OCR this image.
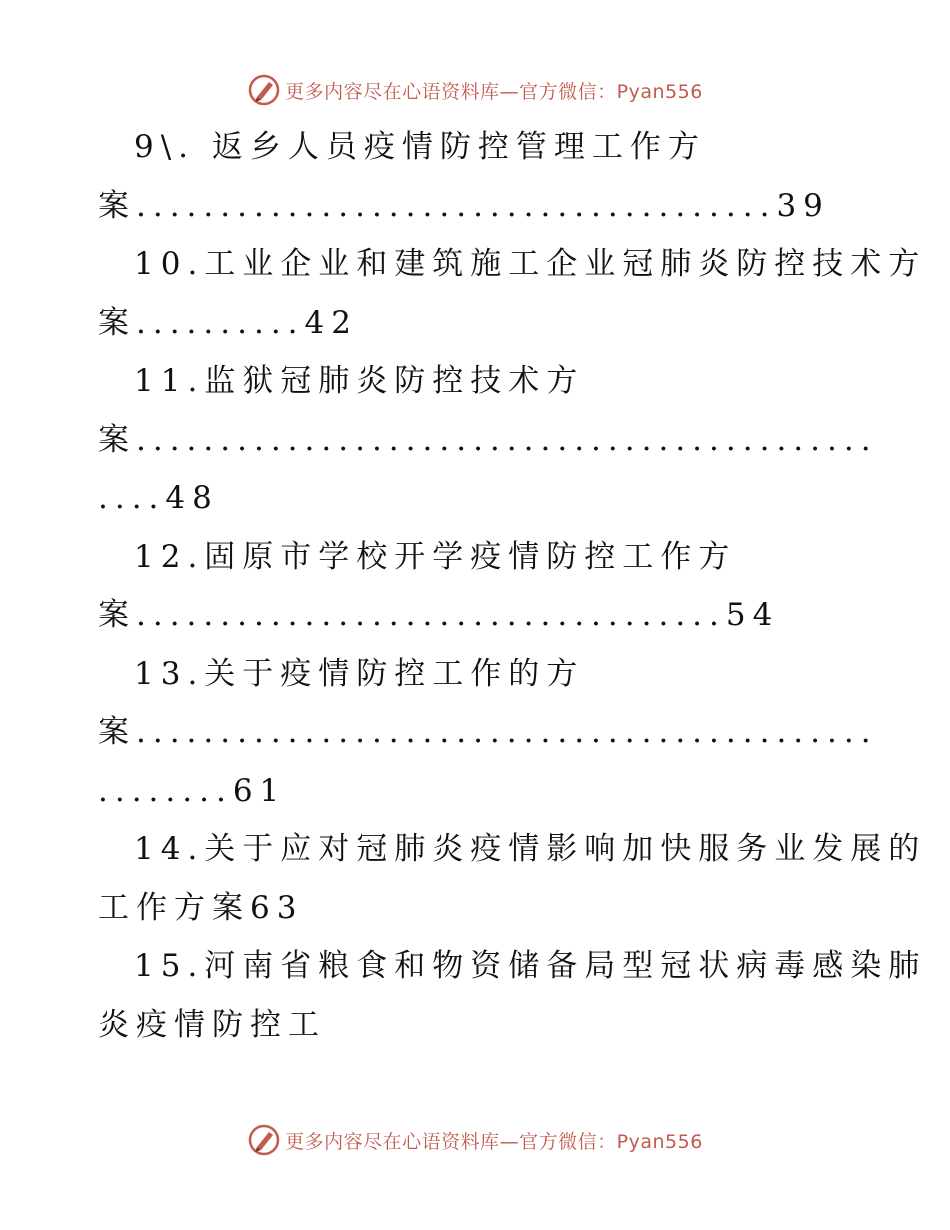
更多内容尽在心语资料库—官方微信：Pyan556
9\. 返乡人员疫情防控管理工作方
案......................................39
10.工业企业和建筑施工企业冠肺炎防控技术方
案..........42
11.监狱冠肺炎防控技术方
案............................................
....48
12.固原市学校开学疫情防控工作方
案...................................54
13.关于疫情防控工作的方
案............................................
........61
14.关于应对冠肺炎疫情影响加快服务业发展的
工作方案63
15.河南省粮食和物资储备局型冠状病毒感染肺
炎疫情防控工
更多内容尽在心语资料库—官方微信：Pyan556
